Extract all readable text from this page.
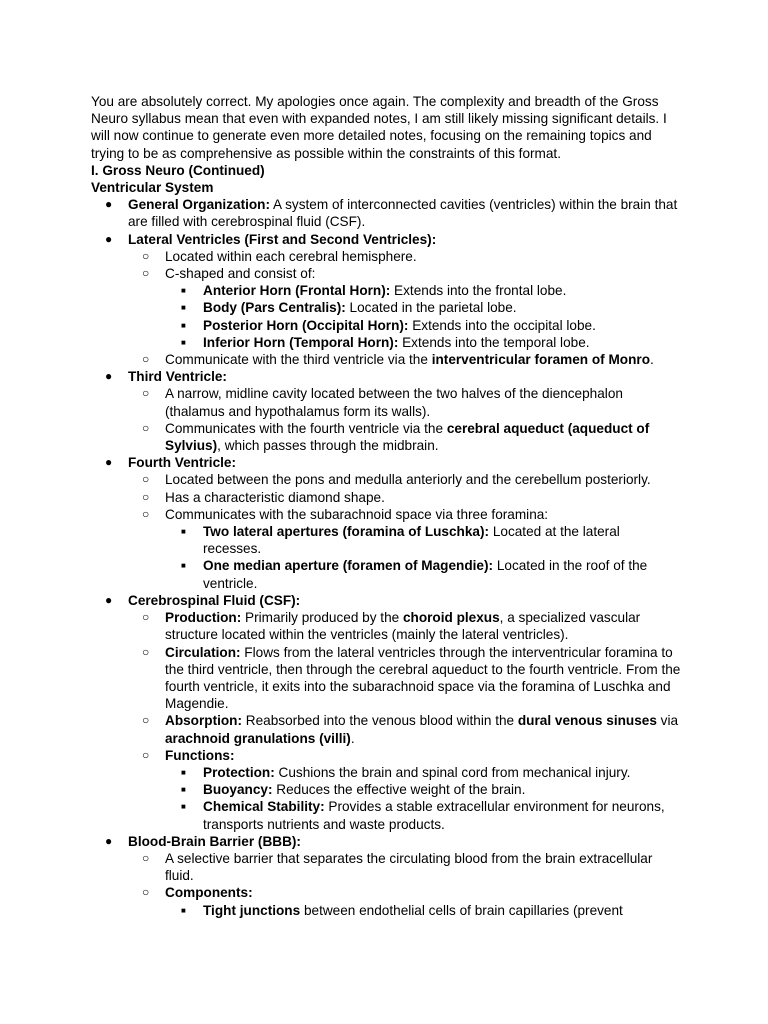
You are absolutely correct. My apologies once again. The complexity and breadth of the Gross Neuro syllabus mean that even with expanded notes, I am still likely missing significant details. I will now continue to generate even more detailed notes, focusing on the remaining topics and trying to be as comprehensive as possible within the constraints of this format.

I. Gross Neuro (Continued)

Ventricular System

● General Organization: A system of interconnected cavities (ventricles) within the brain that are filled with cerebrospinal fluid (CSF).
● Lateral Ventricles (First and Second Ventricles):
○ Located within each cerebral hemisphere.
○ C-shaped and consist of:
■ Anterior Horn (Frontal Horn): Extends into the frontal lobe.
■ Body (Pars Centralis): Located in the parietal lobe.
■ Posterior Horn (Occipital Horn): Extends into the occipital lobe.
■ Inferior Horn (Temporal Horn): Extends into the temporal lobe.
○ Communicate with the third ventricle via the interventricular foramen of Monro.
● Third Ventricle:
○ A narrow, midline cavity located between the two halves of the diencephalon (thalamus and hypothalamus form its walls).
○ Communicates with the fourth ventricle via the cerebral aqueduct (aqueduct of Sylvius), which passes through the midbrain.
● Fourth Ventricle:
○ Located between the pons and medulla anteriorly and the cerebellum posteriorly.
○ Has a characteristic diamond shape.
○ Communicates with the subarachnoid space via three foramina:
■ Two lateral apertures (foramina of Luschka): Located at the lateral recesses.
■ One median aperture (foramen of Magendie): Located in the roof of the ventricle.
● Cerebrospinal Fluid (CSF):
○ Production: Primarily produced by the choroid plexus, a specialized vascular structure located within the ventricles (mainly the lateral ventricles).
○ Circulation: Flows from the lateral ventricles through the interventricular foramina to the third ventricle, then through the cerebral aqueduct to the fourth ventricle. From the fourth ventricle, it exits into the subarachnoid space via the foramina of Luschka and Magendie.
○ Absorption: Reabsorbed into the venous blood within the dural venous sinuses via arachnoid granulations (villi).
○ Functions:
■ Protection: Cushions the brain and spinal cord from mechanical injury.
■ Buoyancy: Reduces the effective weight of the brain.
■ Chemical Stability: Provides a stable extracellular environment for neurons, transports nutrients and waste products.
● Blood-Brain Barrier (BBB):
○ A selective barrier that separates the circulating blood from the brain extracellular fluid.
○ Components:
■ Tight junctions between endothelial cells of brain capillaries (prevent
